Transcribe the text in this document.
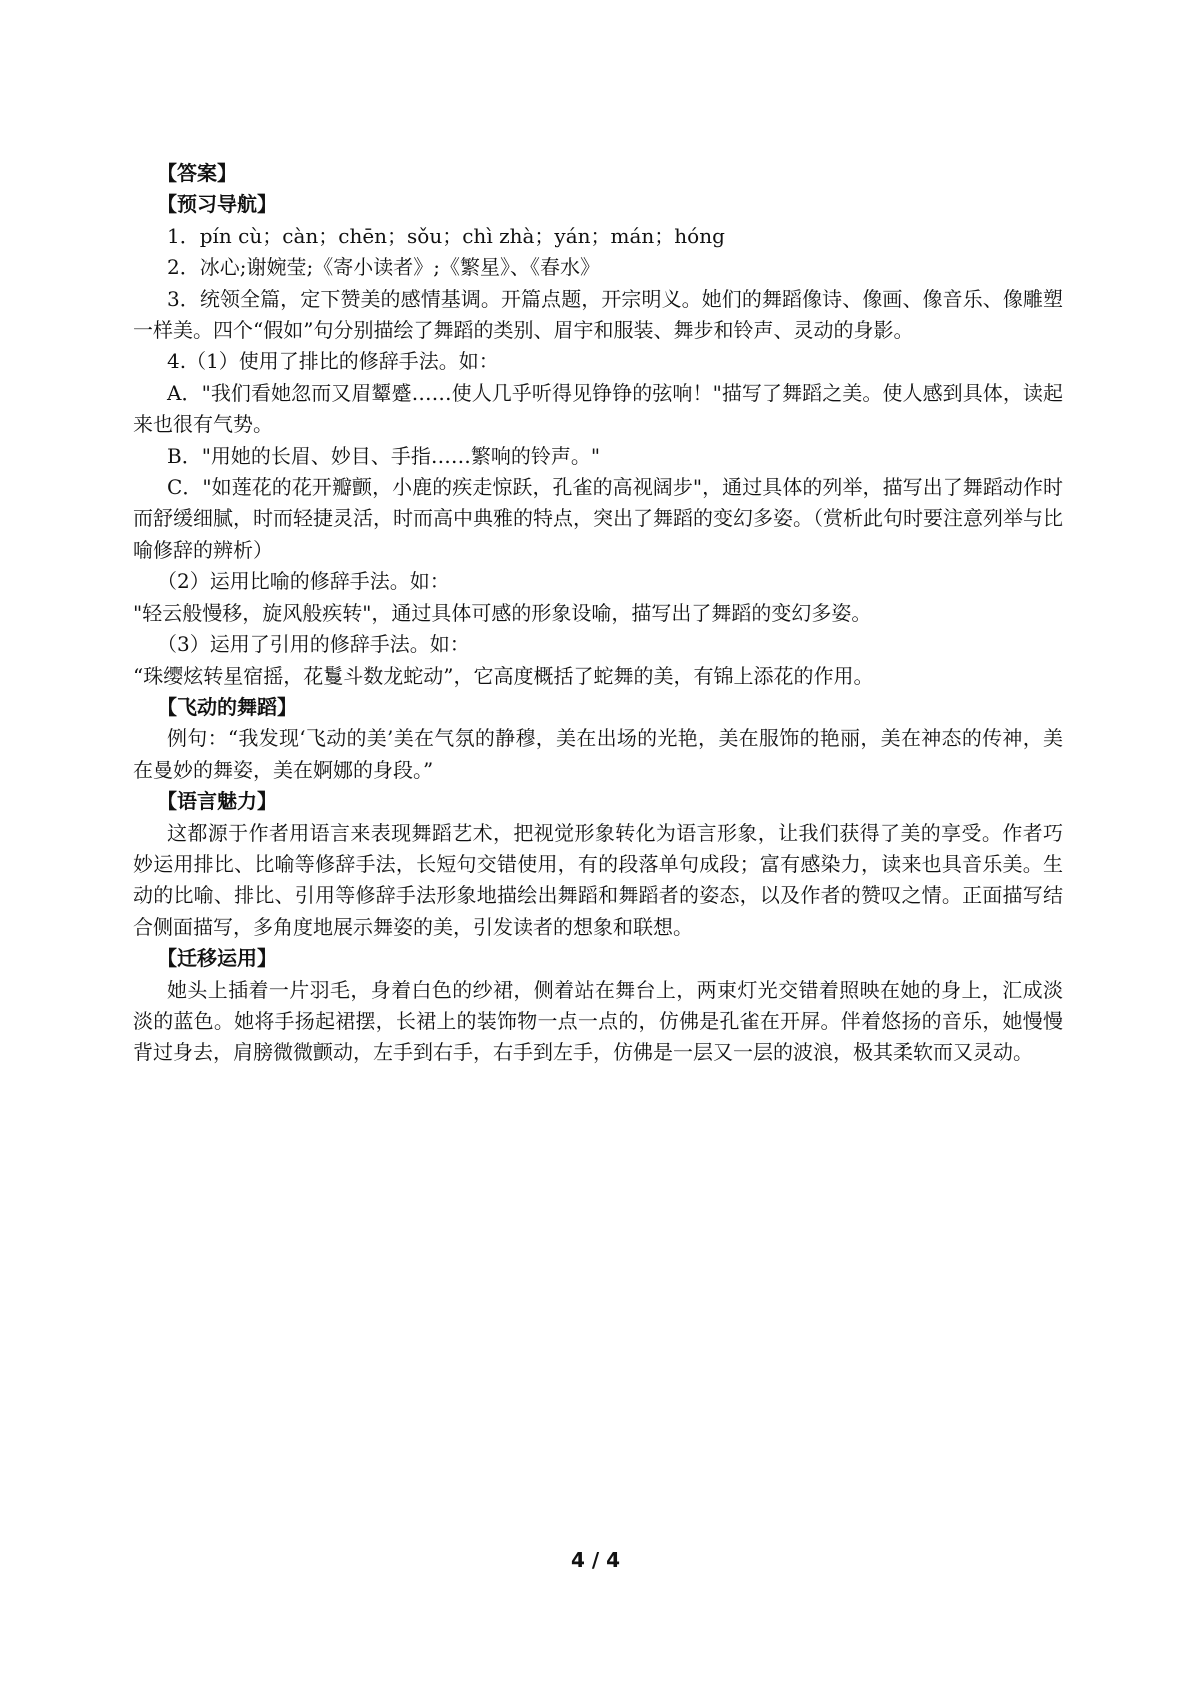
【答案】
【预习导航】
1．pín cù；càn；chēn；sǒu；chì zhà；yán；mán；hóng
2．冰心;谢婉莹;《寄小读者》;《繁星》、《春水》
3．统领全篇，定下赞美的感情基调。开篇点题，开宗明义。她们的舞蹈像诗、像画、像音乐、像雕塑一样美。四个“假如”句分别描绘了舞蹈的类别、眉宇和服装、舞步和铃声、灵动的身影。
4.（1）使用了排比的修辞手法。如：
A．"我们看她忽而又眉颦蹙……使人几乎听得见铮铮的弦响！"描写了舞蹈之美。使人感到具体，读起来也很有气势。
B．"用她的长眉、妙目、手指……繁响的铃声。"
C．"如莲花的花开瓣颤，小鹿的疾走惊跃，孔雀的高视阔步"，通过具体的列举，描写出了舞蹈动作时而舒缓细腻，时而轻捷灵活，时而高中典雅的特点，突出了舞蹈的变幻多姿。（赏析此句时要注意列举与比喻修辞的辨析）
（2）运用比喻的修辞手法。如：
"轻云般慢移，旋风般疾转"，通过具体可感的形象设喻，描写出了舞蹈的变幻多姿。
（3）运用了引用的修辞手法。如：
“珠缨炫转星宿摇，花鬘斗数龙蛇动”，它高度概括了蛇舞的美，有锦上添花的作用。
【飞动的舞蹈】
例句：“我发现‘飞动的美’美在气氛的静穆，美在出场的光艳，美在服饰的艳丽，美在神态的传神，美在曼妙的舞姿，美在婀娜的身段。”
【语言魅力】
这都源于作者用语言来表现舞蹈艺术，把视觉形象转化为语言形象，让我们获得了美的享受。作者巧妙运用排比、比喻等修辞手法，长短句交错使用，有的段落单句成段；富有感染力，读来也具音乐美。生动的比喻、排比、引用等修辞手法形象地描绘出舞蹈和舞蹈者的姿态，以及作者的赞叹之情。正面描写结合侧面描写，多角度地展示舞姿的美，引发读者的想象和联想。
【迁移运用】
她头上插着一片羽毛，身着白色的纱裙，侧着站在舞台上，两束灯光交错着照映在她的身上，汇成淡淡的蓝色。她将手扬起裙摆，长裙上的装饰物一点一点的，仿佛是孔雀在开屏。伴着悠扬的音乐，她慢慢背过身去，肩膀微微颤动，左手到右手，右手到左手，仿佛是一层又一层的波浪，极其柔软而又灵动。
4 / 4
